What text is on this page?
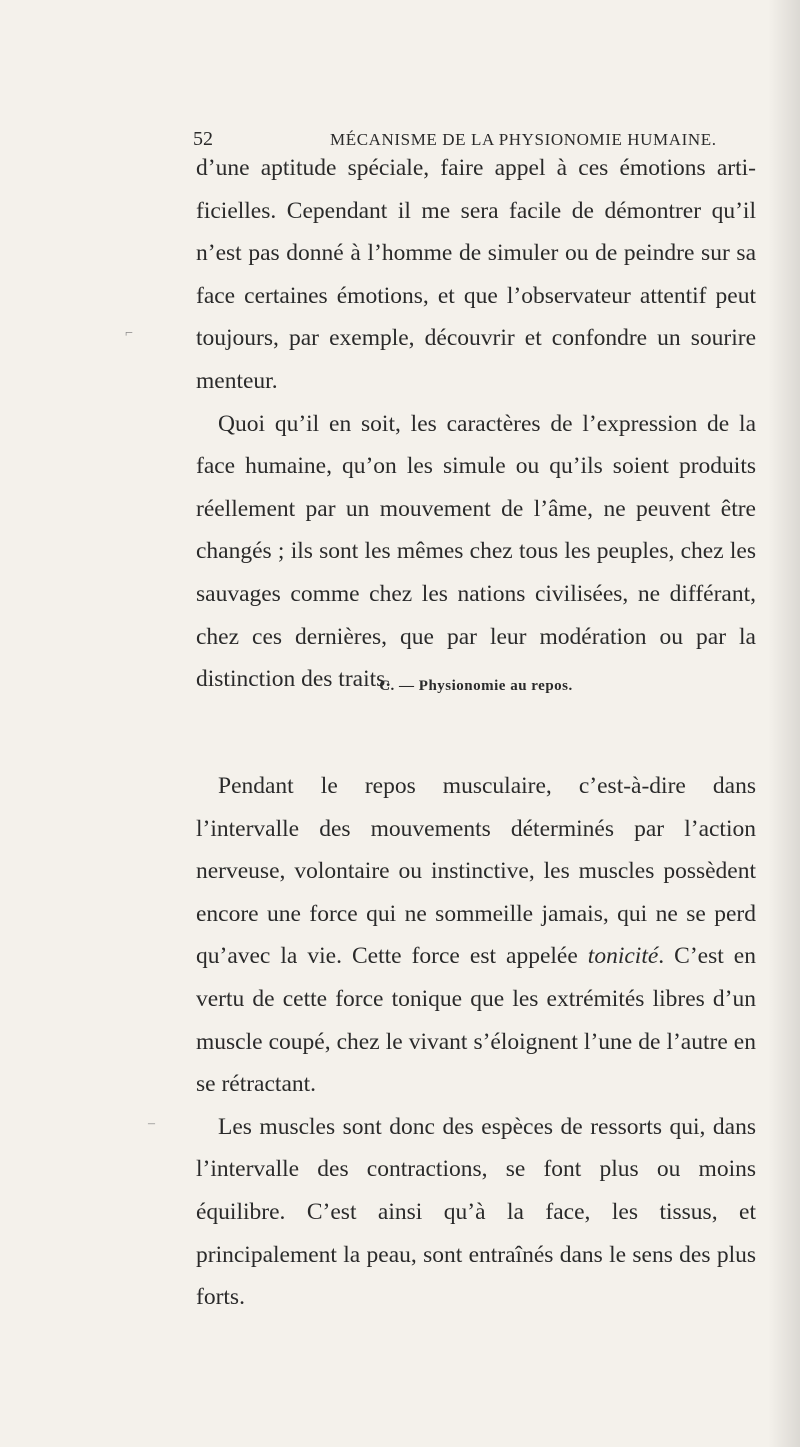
52	MÉCANISME DE LA PHYSIONOMIE HUMAINE.

d’une aptitude spéciale, faire appel à ces émotions arti-ficielles. Cependant il me sera facile de démontrer qu’il n’est pas donné à l’homme de simuler ou de peindre sur sa face certaines émotions, et que l’observateur attentif peut toujours, par exemple, découvrir et confondre un sourire menteur.

Quoi qu’il en soit, les caractères de l’expression de la face humaine, qu’on les simule ou qu’ils soient produits réellement par un mouvement de l’âme, ne peuvent être changés ; ils sont les mêmes chez tous les peuples, chez les sauvages comme chez les nations civilisées, ne différant, chez ces dernières, que par leur modération ou par la distinction des traits.

C. — Physionomie au repos.

Pendant le repos musculaire, c’est-à-dire dans l’intervalle des mouvements déterminés par l’action nerveuse, volontaire ou instinctive, les muscles possèdent encore une force qui ne sommeille jamais, qui ne se perd qu’avec la vie. Cette force est appelée tonicité. C’est en vertu de cette force tonique que les extrémités libres d’un muscle coupé, chez le vivant s’éloignent l’une de l’autre en se rétractant.

Les muscles sont donc des espèces de ressorts qui, dans l’intervalle des contractions, se font plus ou moins équilibre. C’est ainsi qu’à la face, les tissus, et principalement la peau, sont entraînés dans le sens des plus forts.

⌐
–
